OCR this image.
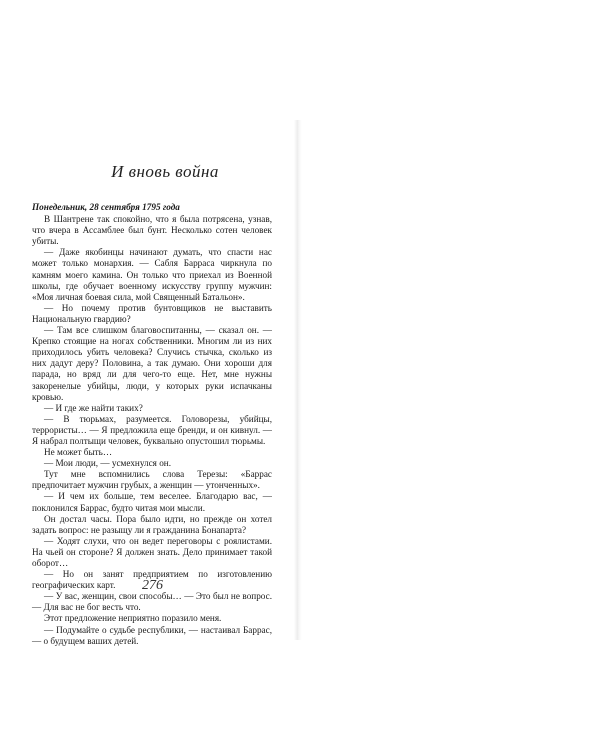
И вновь война

Понедельник, 28 сентября 1795 года

В Шантрене так спокойно, что я была потрясена, узнав, что вчера в Ассамблее был бунт. Несколько сотен человек убиты.

— Даже якобинцы начинают думать, что спасти нас может только монархия. — Сабля Барраса чиркнула по камням моего камина. Он только что приехал из Военной школы, где обучает военному искусству группу мужчин: «Моя личная боевая сила, мой Священный Батальон».

— Но почему против бунтовщиков не выставить Национальную гвардию?

— Там все слишком благовоспитанны, — сказал он. — Крепко стоящие на ногах собственники. Многим ли из них приходилось убить человека? Случись стычка, сколько из них дадут деру? Половина, а так думаю. Они хороши для парада, но вряд ли для чего-то еще. Нет, мне нужны закоренелые убийцы, люди, у которых руки испачканы кровью.

— И где же найти таких?

— В тюрьмах, разумеется. Головорезы, убийцы, террористы… — Я предложила еще бренди, и он кивнул. — Я набрал полтыщи человек, буквально опустошил тюрьмы.

Не может быть…

— Мои люди, — усмехнулся он.

Тут мне вспомнились слова Терезы: «Баррас предпочитает мужчин грубых, а женщин — утонченных».

— И чем их больше, тем веселее. Благодарю вас, — поклонился Баррас, будто читая мои мысли.

Он достал часы. Пора было идти, но прежде он хотел задать вопрос: не разыщу ли я гражданина Бонапарта?

— Ходят слухи, что он ведет переговоры с роялистами. На чьей он стороне? Я должен знать. Дело принимает такой оборот…

— Но он занят предприятием по изготовлению географических карт.

— У вас, женщин, свои способы… — Это был не вопрос. — Для вас не бог весть что.

Этот предложение неприятно поразило меня.

— Подумайте о судьбе республики, — настаивал Баррас, — о будущем ваших детей.

276
